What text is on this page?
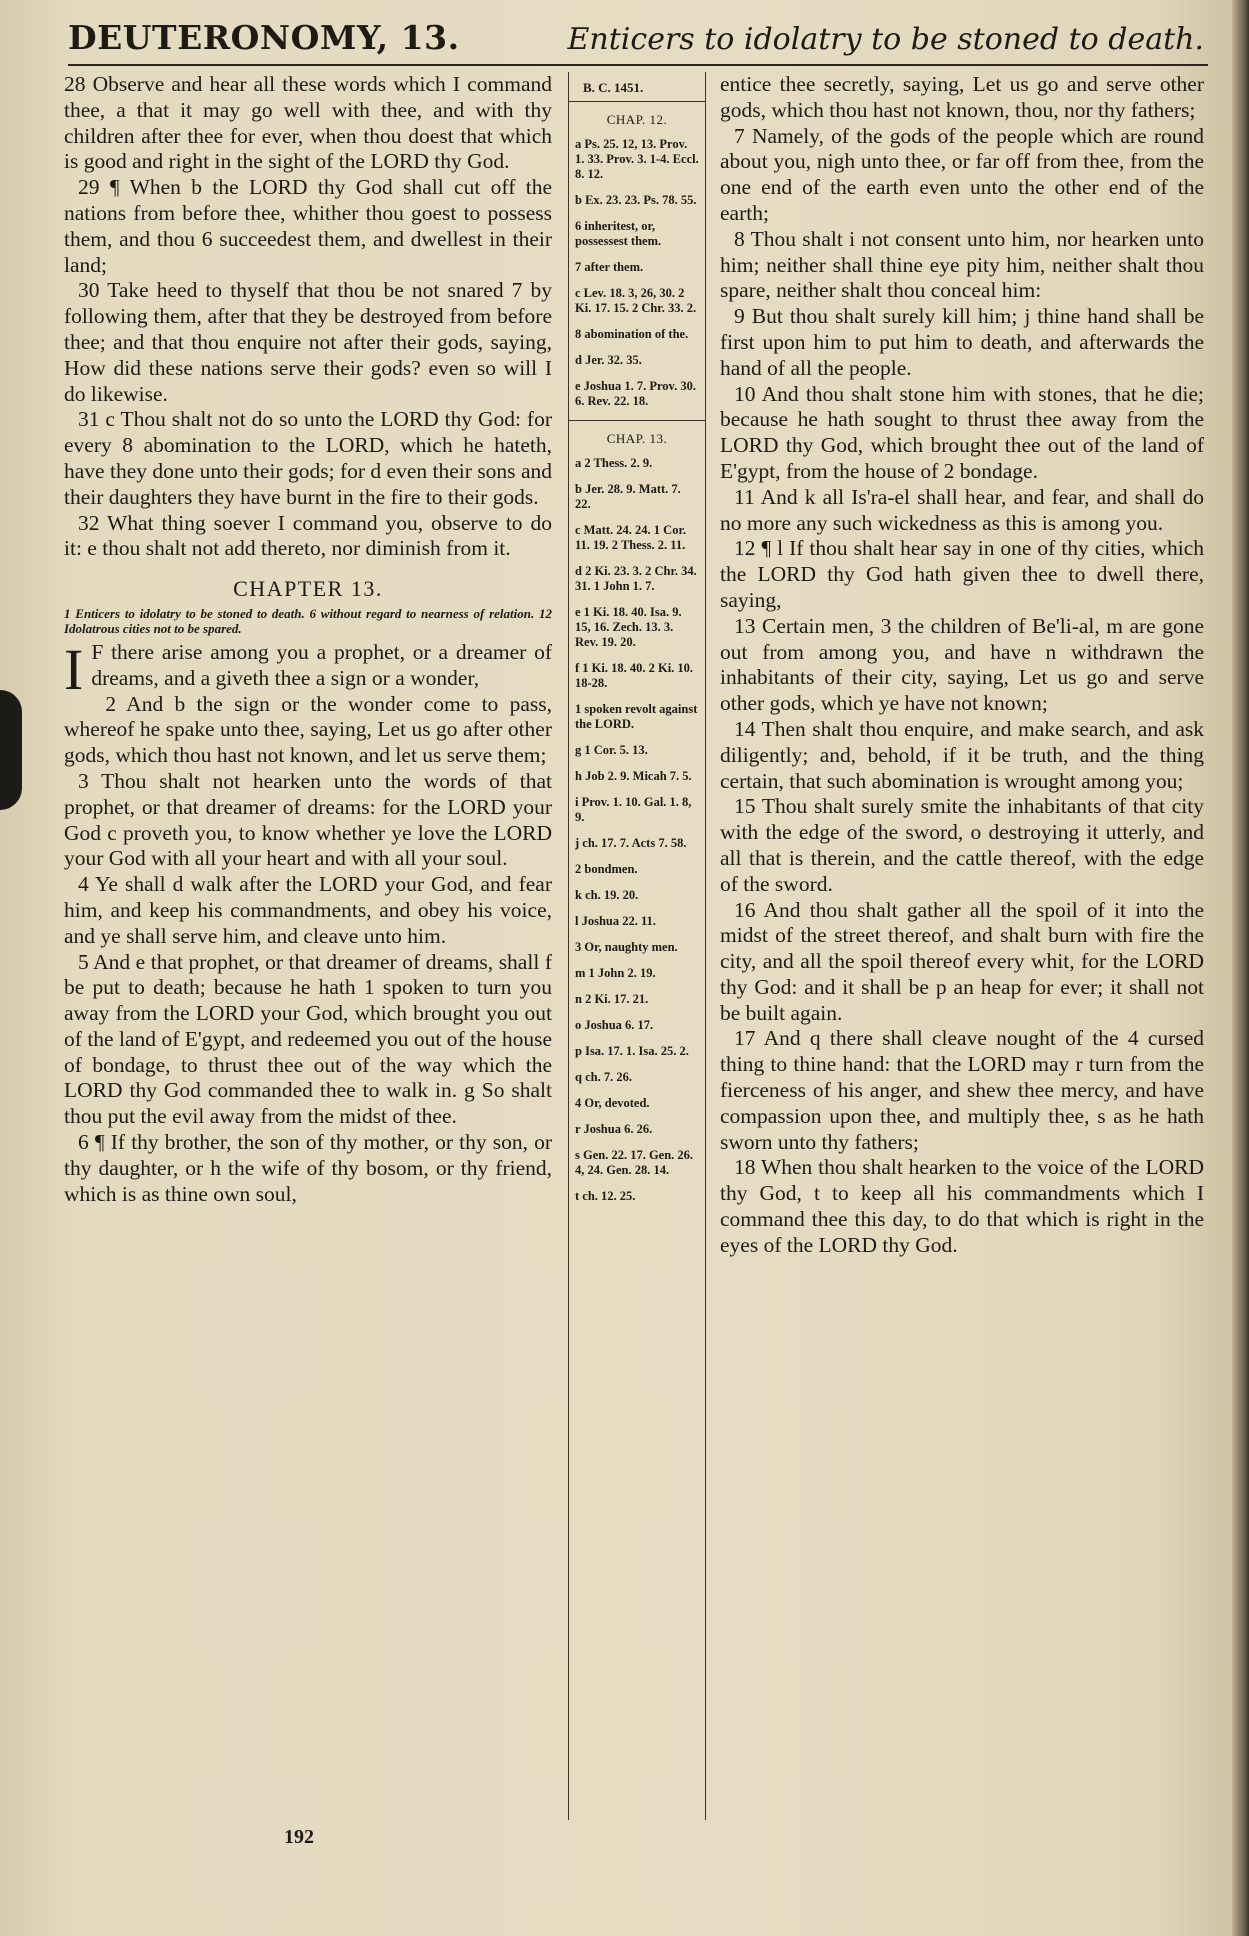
DEUTERONOMY, 13.	Enticers to idolatry to be stoned to death.

28 Observe and hear all these words which I command thee, a that it may go well with thee, and with thy children after thee for ever, when thou doest that which is good and right in the sight of the LORD thy God.

29 ¶ When b the LORD thy God shall cut off the nations from before thee, whither thou goest to possess them, and thou 6 succeedest them, and dwellest in their land;

30 Take heed to thyself that thou be not snared 7 by following them, after that they be destroyed from before thee; and that thou enquire not after their gods, saying, How did these nations serve their gods? even so will I do likewise.

31 c Thou shalt not do so unto the LORD thy God: for every 8 abomination to the LORD, which he hateth, have they done unto their gods; for d even their sons and their daughters they have burnt in the fire to their gods.

32 What thing soever I command you, observe to do it: e thou shalt not add thereto, nor diminish from it.

CHAPTER 13.

1 Enticers to idolatry to be stoned to death. 6 without regard to nearness of relation. 12 Idolatrous cities not to be spared.

I F there arise among you a prophet, or a dreamer of dreams, and a giveth thee a sign or a wonder,

2 And b the sign or the wonder come to pass, whereof he spake unto thee, saying, Let us go after other gods, which thou hast not known, and let us serve them;

3 Thou shalt not hearken unto the words of that prophet, or that dreamer of dreams: for the LORD your God c proveth you, to know whether ye love the LORD your God with all your heart and with all your soul.

4 Ye shall d walk after the LORD your God, and fear him, and keep his commandments, and obey his voice, and ye shall serve him, and cleave unto him.

5 And e that prophet, or that dreamer of dreams, shall f be put to death; because he hath 1 spoken to turn you away from the LORD your God, which brought you out of the land of E'gypt, and redeemed you out of the house of bondage, to thrust thee out of the way which the LORD thy God commanded thee to walk in. g So shalt thou put the evil away from the midst of thee.

6 ¶ If thy brother, the son of thy mother, or thy son, or thy daughter, or h the wife of thy bosom, or thy friend, which is as thine own soul,

B. C. 1451.
CHAP. 12.
a Ps. 25. 12, 13. Prov. 1. 33. Prov. 3. 1-4. Eccl. 8. 12.
b Ex. 23. 23. Ps. 78. 55.
6 inheritest, or, possessest them.
7 after them.
c Lev. 18. 3, 26, 30. 2 Ki. 17. 15. 2 Chr. 33. 2.
8 abomination of the.
d Jer. 32. 35.
e Joshua 1. 7. Prov. 30. 6. Rev. 22. 18.
CHAP. 13.
a 2 Thess. 2. 9.
b Jer. 28. 9. Matt. 7. 22.
c Matt. 24. 24. 1 Cor. 11. 19. 2 Thess. 2. 11.
d 2 Ki. 23. 3. 2 Chr. 34. 31. 1 John 1. 7.
e 1 Ki. 18. 40. Isa. 9. 15, 16. Zech. 13. 3. Rev. 19. 20.
f 1 Ki. 18. 40. 2 Ki. 10. 18-28.
1 spoken revolt against the LORD.
g 1 Cor. 5. 13.
h Job 2. 9. Micah 7. 5.
i Prov. 1. 10. Gal. 1. 8, 9.
j ch. 17. 7. Acts 7. 58.
2 bondmen.
k ch. 19. 20.
l Joshua 22. 11.
3 Or, naughty men.
m 1 John 2. 19.
n 2 Ki. 17. 21.
o Joshua 6. 17.
p Isa. 17. 1. Isa. 25. 2.
q ch. 7. 26.
4 Or, devoted.
r Joshua 6. 26.
s Gen. 22. 17. Gen. 26. 4, 24. Gen. 28. 14.
t ch. 12. 25.

entice thee secretly, saying, Let us go and serve other gods, which thou hast not known, thou, nor thy fathers;

7 Namely, of the gods of the people which are round about you, nigh unto thee, or far off from thee, from the one end of the earth even unto the other end of the earth;

8 Thou shalt i not consent unto him, nor hearken unto him; neither shall thine eye pity him, neither shalt thou spare, neither shalt thou conceal him:

9 But thou shalt surely kill him; j thine hand shall be first upon him to put him to death, and afterwards the hand of all the people.

10 And thou shalt stone him with stones, that he die; because he hath sought to thrust thee away from the LORD thy God, which brought thee out of the land of E'gypt, from the house of 2 bondage.

11 And k all Is'ra-el shall hear, and fear, and shall do no more any such wickedness as this is among you.

12 ¶ l If thou shalt hear say in one of thy cities, which the LORD thy God hath given thee to dwell there, saying,

13 Certain men, 3 the children of Be'li-al, m are gone out from among you, and have n withdrawn the inhabitants of their city, saying, Let us go and serve other gods, which ye have not known;

14 Then shalt thou enquire, and make search, and ask diligently; and, behold, if it be truth, and the thing certain, that such abomination is wrought among you;

15 Thou shalt surely smite the inhabitants of that city with the edge of the sword, o destroying it utterly, and all that is therein, and the cattle thereof, with the edge of the sword.

16 And thou shalt gather all the spoil of it into the midst of the street thereof, and shalt burn with fire the city, and all the spoil thereof every whit, for the LORD thy God: and it shall be p an heap for ever; it shall not be built again.

17 And q there shall cleave nought of the 4 cursed thing to thine hand: that the LORD may r turn from the fierceness of his anger, and shew thee mercy, and have compassion upon thee, and multiply thee, s as he hath sworn unto thy fathers;

18 When thou shalt hearken to the voice of the LORD thy God, t to keep all his commandments which I command thee this day, to do that which is right in the eyes of the LORD thy God.

192
